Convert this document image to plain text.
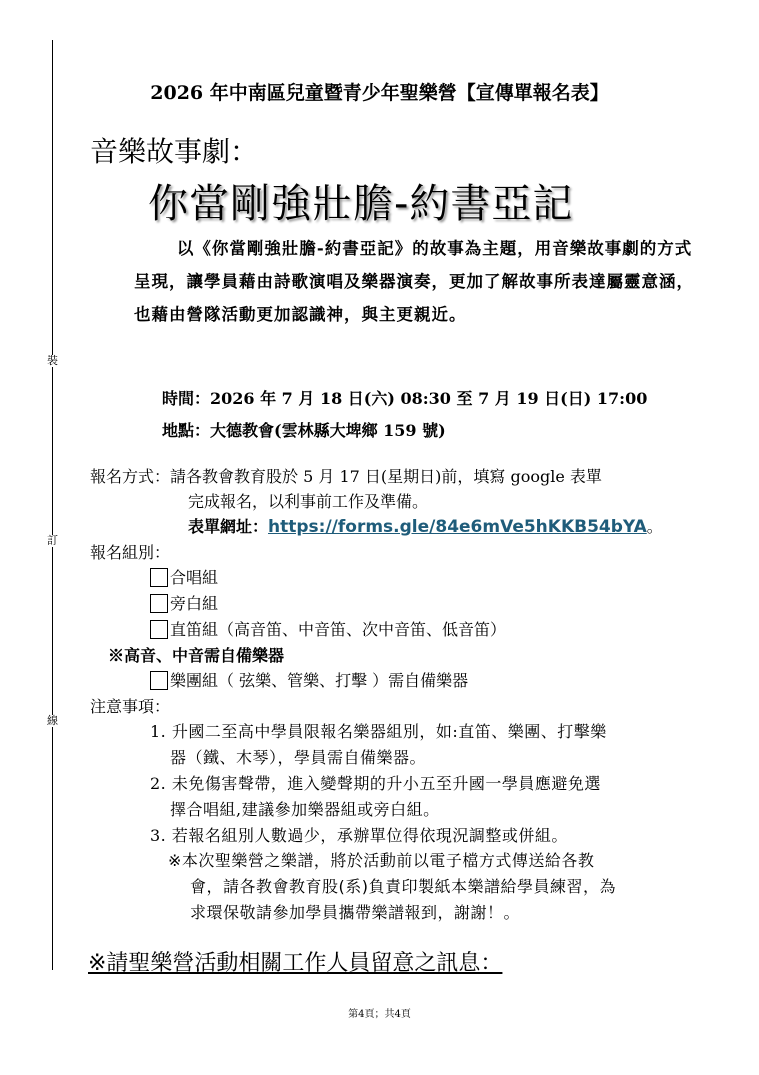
裝
訂
線
2026 年中南區兒童暨青少年聖樂營【宣傳單報名表】
音樂故事劇：
你當剛強壯膽-約書亞記
以《你當剛強壯膽-約書亞記》的故事為主題，用音樂故事劇的方式呈現，讓學員藉由詩歌演唱及樂器演奏，更加了解故事所表達屬靈意涵，也藉由營隊活動更加認識神，與主更親近。
時間：2026 年 7 月 18 日(六) 08:30 至 7 月 19 日(日) 17:00
地點：大德教會(雲林縣大埤鄉 159 號)
報名方式： 請各教會教育股於 5 月 17 日(星期日)前，填寫 google 表單
完成報名，以利事前工作及準備。
表單網址：https://forms.gle/84e6mVe5hKKB54bYA。
報名組別：
合唱組
旁白組
直笛組（高音笛、中音笛、次中音笛、低音笛）
※高音、中音需自備樂器
樂團組（ 弦樂、管樂、打擊 ）需自備樂器
注意事項：
1. 升國二至高中學員限報名樂器組別，如:直笛、樂團、打擊樂
器（鐵、木琴），學員需自備樂器。
2. 未免傷害聲帶，進入變聲期的升小五至升國一學員應避免選
擇合唱組,建議參加樂器組或旁白組。
3. 若報名組別人數過少，承辦單位得依現況調整或併組。
※本次聖樂營之樂譜，將於活動前以電子檔方式傳送給各教
會，請各教會教育股(系)負責印製紙本樂譜給學員練習，為
求環保敬請參加學員攜帶樂譜報到，謝謝！。
※請聖樂營活動相關工作人員留意之訊息：
第4頁；共4頁
